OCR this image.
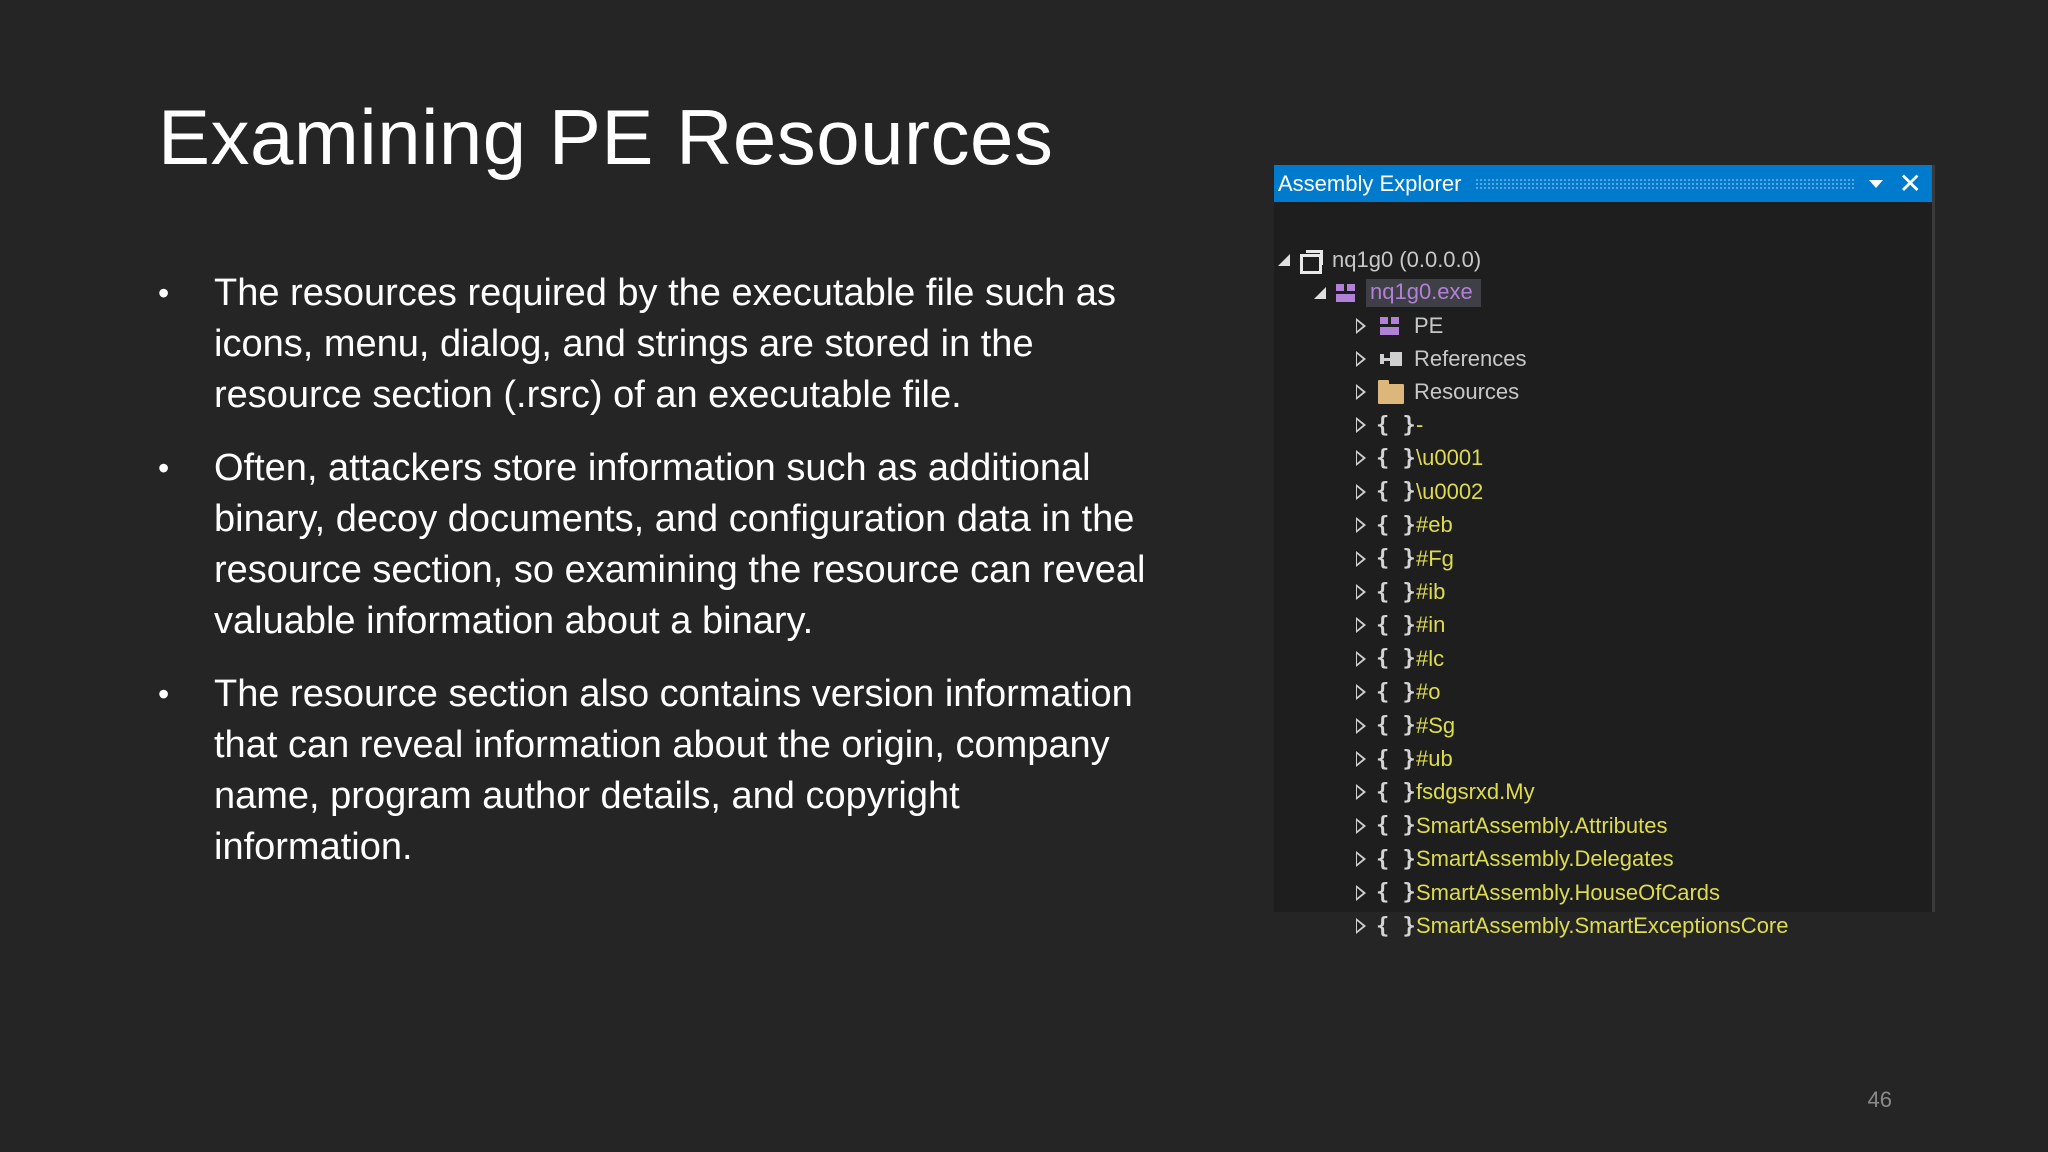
Examining PE Resources
• The resources required by the executable file such as icons, menu, dialog, and strings are stored in the resource section (.rsrc) of an executable file.
• Often, attackers store information such as additional binary, decoy documents, and configuration data in the resource section, so examining the resource can reveal valuable information about a binary.
• The resource section also contains version information that can reveal information about the origin, company name, program author details, and copyright information.
Assembly Explorer	✕
nq1g0 (0.0.0.0)
nq1g0.exe
PE
References
Resources
{ } -
{ } \u0001
{ } \u0002
{ } #eb
{ } #Fg
{ } #ib
{ } #in
{ } #lc
{ } #o
{ } #Sg
{ } #ub
{ } fsdgsrxd.My
{ } SmartAssembly.Attributes
{ } SmartAssembly.Delegates
{ } SmartAssembly.HouseOfCards
{ } SmartAssembly.SmartExceptionsCore
46
